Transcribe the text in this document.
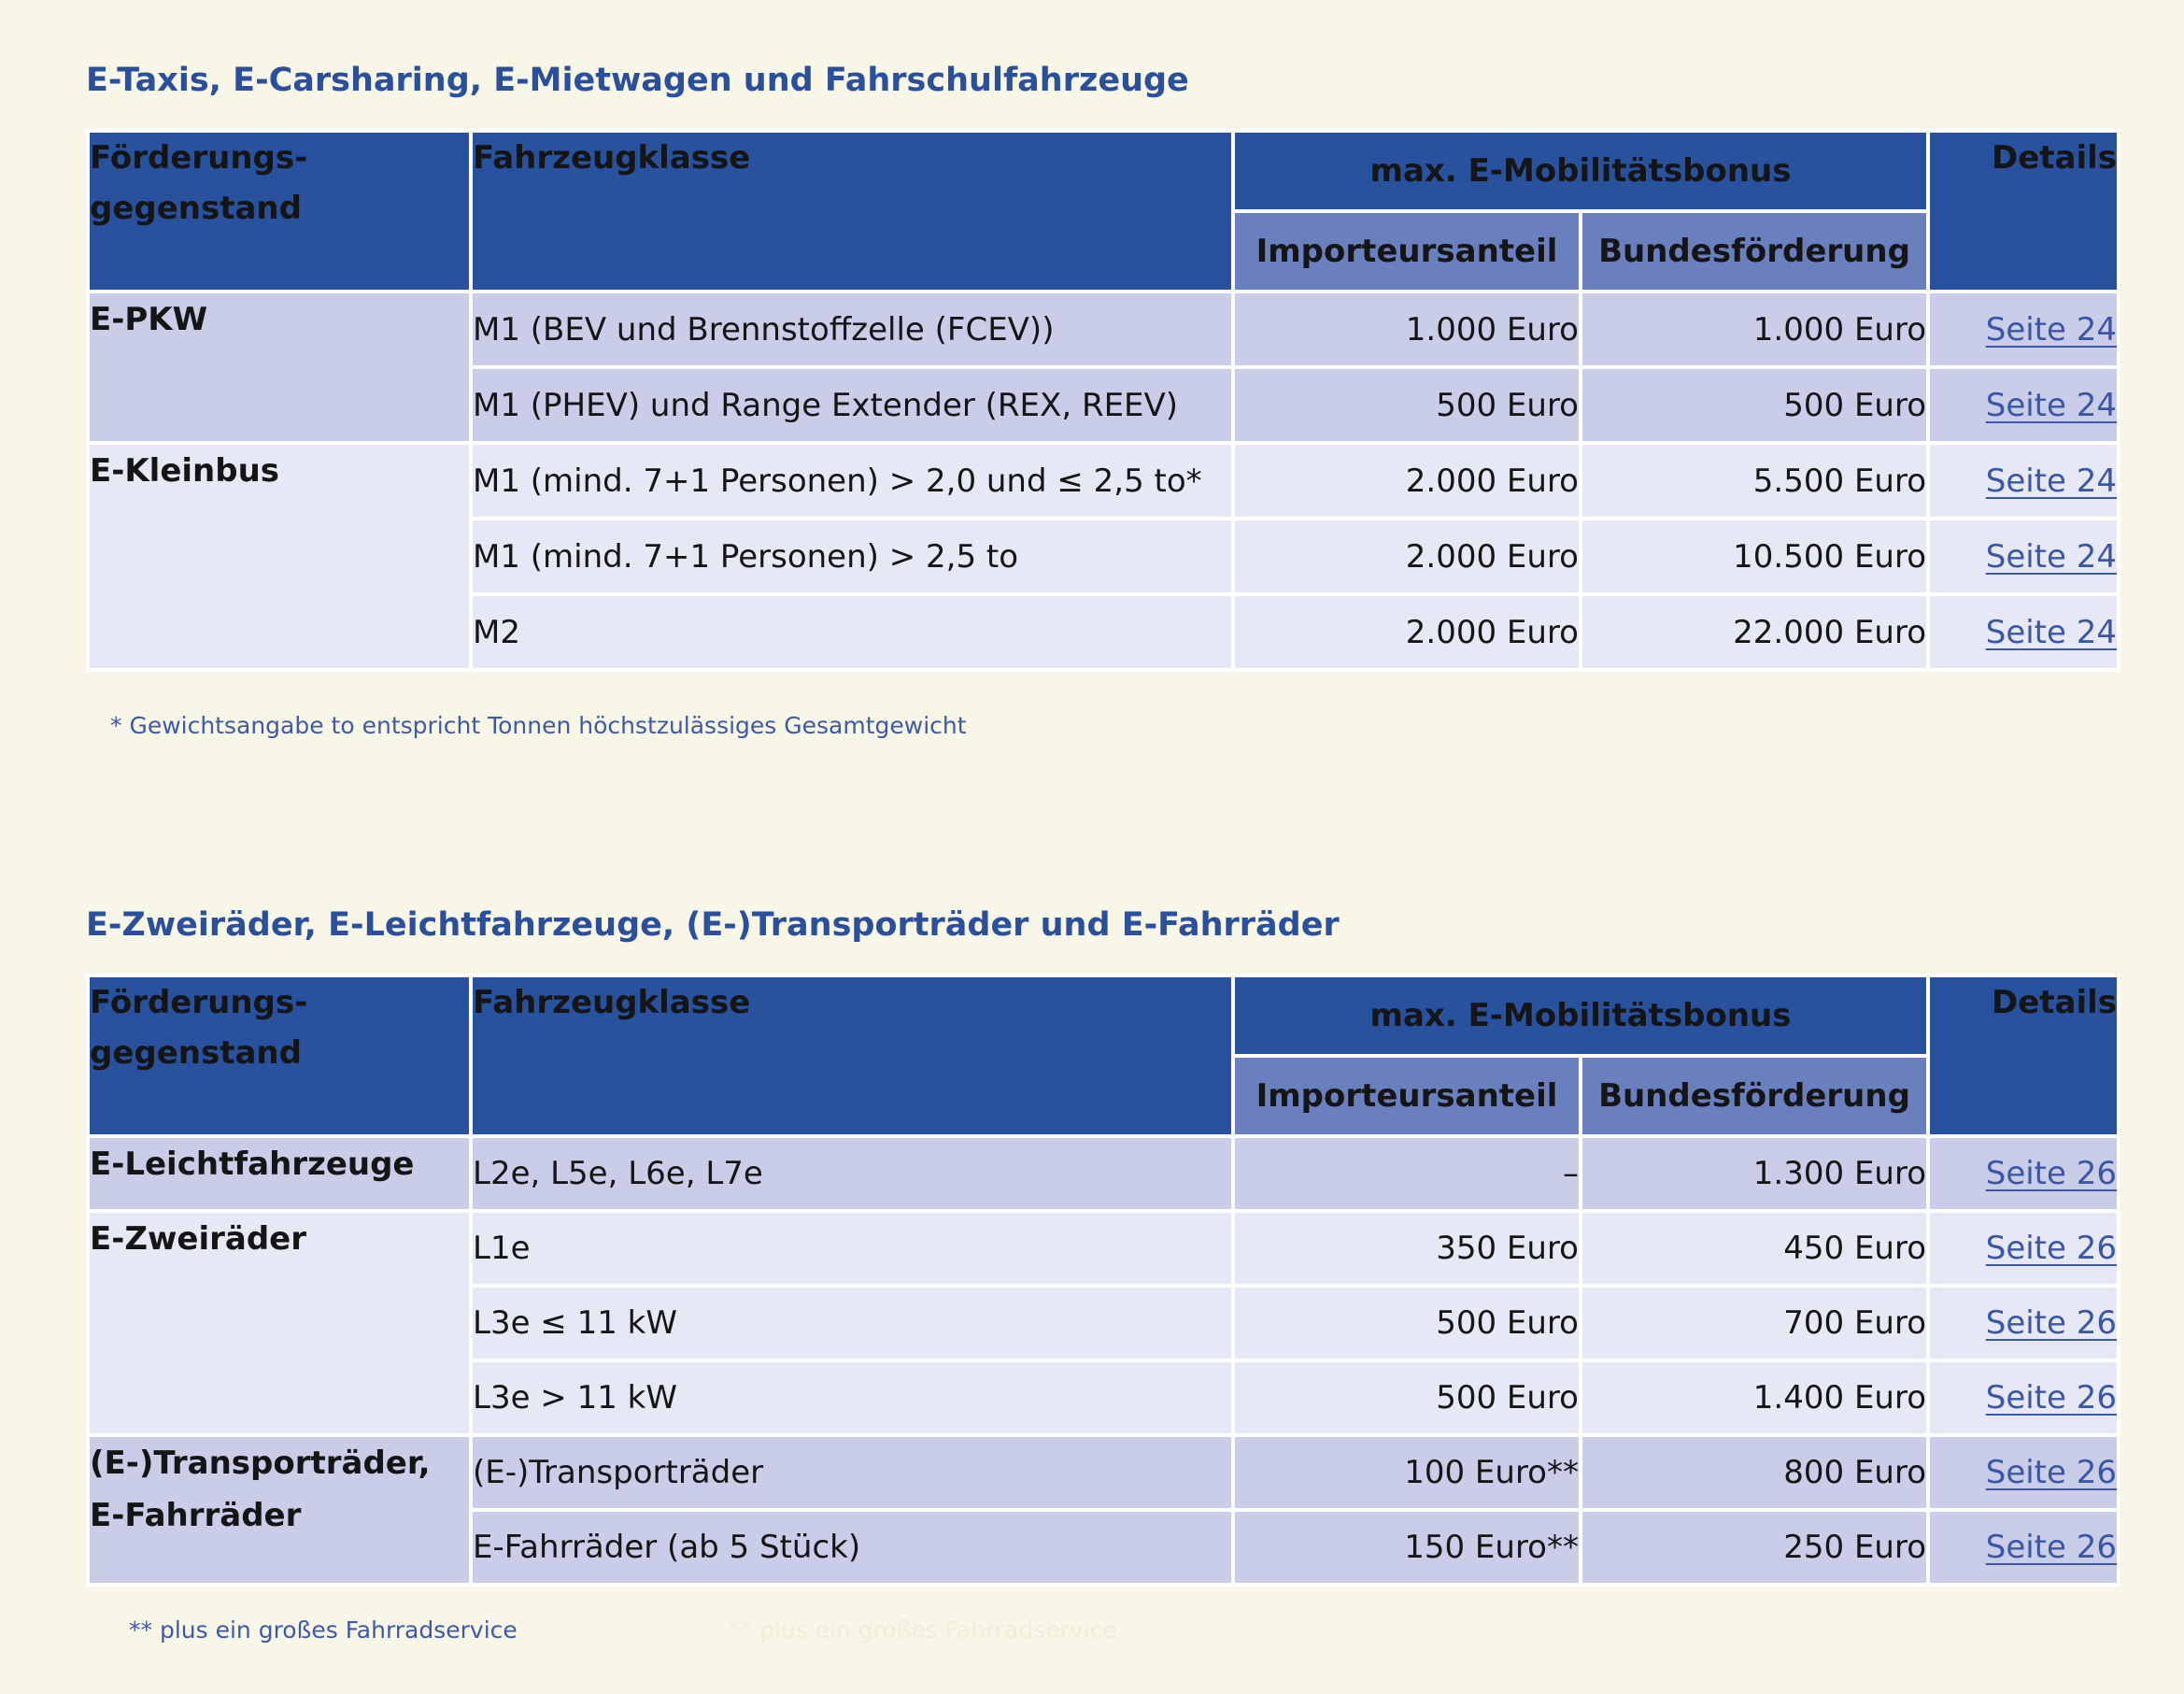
E-Taxis, E-Carsharing, E-Mietwagen und Fahrschulfahrzeuge
Förderungs-
gegenstand	Fahrzeugklasse	max. E-Mobilitätsbonus		Details
		Importeursanteil	Bundesförderung	
E-PKW	M1 (BEV und Brennstoffzelle (FCEV))	1.000 Euro	1.000 Euro	Seite 24
	M1 (PHEV) und Range Extender (REX, REEV)	500 Euro	500 Euro	Seite 24
E-Kleinbus	M1 (mind. 7+1 Personen) > 2,0 und ≤ 2,5 to*	2.000 Euro	5.500 Euro	Seite 24
	M1 (mind. 7+1 Personen) > 2,5 to	2.000 Euro	10.500 Euro	Seite 24
	M2	2.000 Euro	22.000 Euro	Seite 24

* Gewichtsangabe to entspricht Tonnen höchstzulässiges Gesamtgewicht

E-Zweiräder, E-Leichtfahrzeuge, (E-)Transporträder und E-Fahrräder
Förderungs-
gegenstand	Fahrzeugklasse	max. E-Mobilitätsbonus		Details
		Importeursanteil	Bundesförderung	
E-Leichtfahrzeuge	L2e, L5e, L6e, L7e	–	1.300 Euro	Seite 26
E-Zweiräder	L1e	350 Euro	450 Euro	Seite 26
	L3e ≤ 11 kW	500 Euro	700 Euro	Seite 26
	L3e > 11 kW	500 Euro	1.400 Euro	Seite 26
(E-)Transporträder,
E-Fahrräder	(E-)Transporträder	100 Euro**	800 Euro	Seite 26
	E-Fahrräder (ab 5 Stück)	150 Euro**	250 Euro	Seite 26

** plus ein großes Fahrradservice	** plus ein großes Fahrradservice
